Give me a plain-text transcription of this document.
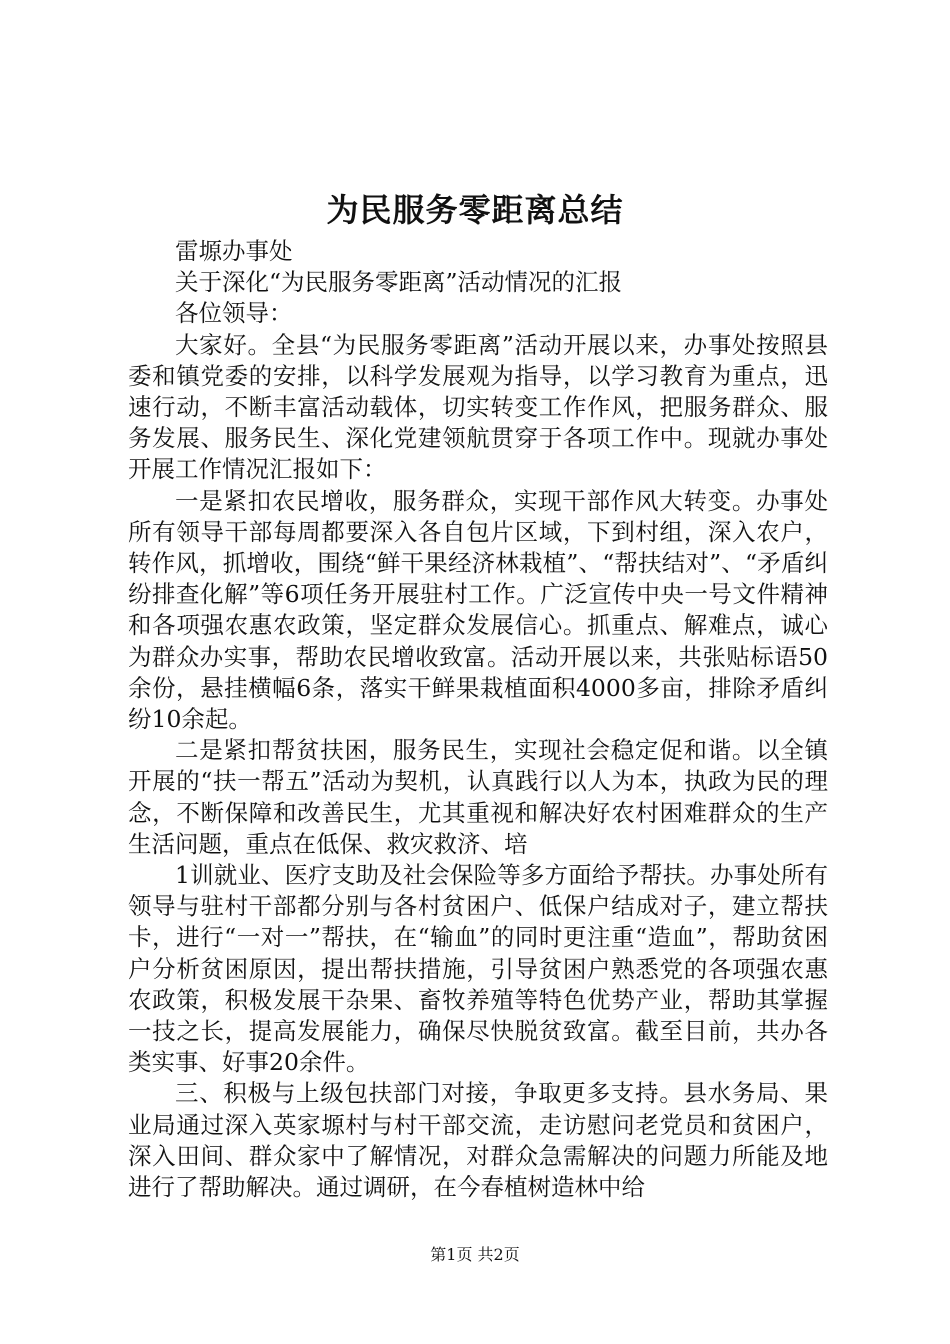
为民服务零距离总结

雷塬办事处

关于深化“为民服务零距离”活动情况的汇报

各位领导：

大家好。全县“为民服务零距离”活动开展以来，办事处按照县委和镇党委的安排，以科学发展观为指导，以学习教育为重点，迅速行动，不断丰富活动载体，切实转变工作作风，把服务群众、服务发展、服务民生、深化党建领航贯穿于各项工作中。现就办事处开展工作情况汇报如下：

一是紧扣农民增收，服务群众，实现干部作风大转变。办事处所有领导干部每周都要深入各自包片区域，下到村组，深入农户，转作风，抓增收，围绕“鲜干果经济林栽植”、“帮扶结对”、“矛盾纠纷排查化解”等6项任务开展驻村工作。广泛宣传中央一号文件精神和各项强农惠农政策，坚定群众发展信心。抓重点、解难点，诚心为群众办实事，帮助农民增收致富。活动开展以来，共张贴标语50余份，悬挂横幅6条，落实干鲜果栽植面积4000多亩，排除矛盾纠纷10余起。

二是紧扣帮贫扶困，服务民生，实现社会稳定促和谐。以全镇开展的“扶一帮五”活动为契机，认真践行以人为本，执政为民的理念，不断保障和改善民生，尤其重视和解决好农村困难群众的生产生活问题，重点在低保、救灾救济、培

1训就业、医疗支助及社会保险等多方面给予帮扶。办事处所有领导与驻村干部都分别与各村贫困户、低保户结成对子，建立帮扶卡，进行“一对一”帮扶，在“输血”的同时更注重“造血”，帮助贫困户分析贫困原因，提出帮扶措施，引导贫困户熟悉党的各项强农惠农政策，积极发展干杂果、畜牧养殖等特色优势产业，帮助其掌握一技之长，提高发展能力，确保尽快脱贫致富。截至目前，共办各类实事、好事20余件。

三、积极与上级包扶部门对接，争取更多支持。县水务局、果业局通过深入英家塬村与村干部交流，走访慰问老党员和贫困户，深入田间、群众家中了解情况，对群众急需解决的问题力所能及地进行了帮助解决。通过调研，在今春植树造林中给

第1页 共2页
